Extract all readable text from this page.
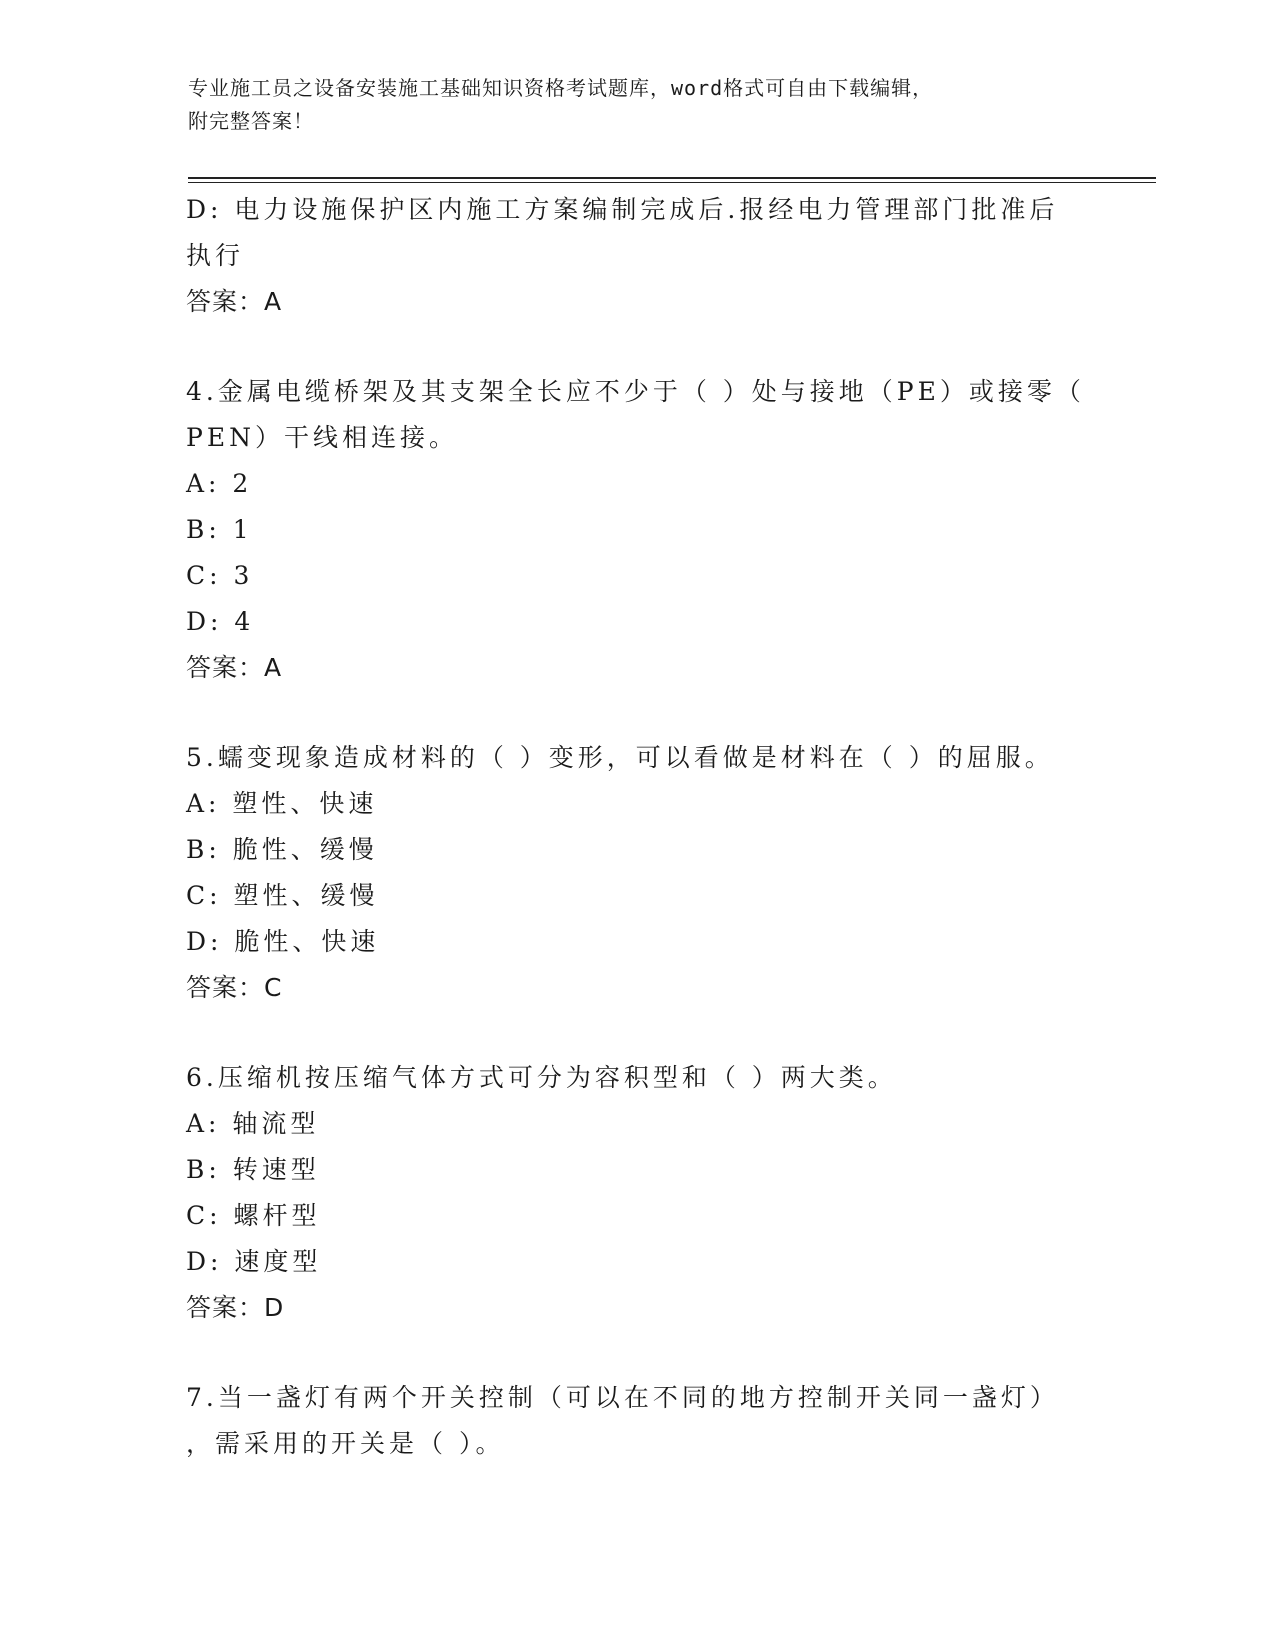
专业施工员之设备安装施工基础知识资格考试题库，word格式可自由下载编辑，
附完整答案！
D: 电力设施保护区内施工方案编制完成后.报经电力管理部门批准后
执行
答案：A
4.金属电缆桥架及其支架全长应不少于（ ）处与接地（PE）或接零（
PEN）干线相连接。
A: 2
B: 1
C: 3
D: 4
答案：A
5.蠕变现象造成材料的（ ）变形，可以看做是材料在（ ）的屈服。
A: 塑性、快速
B: 脆性、缓慢
C: 塑性、缓慢
D: 脆性、快速
答案：C
6.压缩机按压缩气体方式可分为容积型和（ ）两大类。
A: 轴流型
B: 转速型
C: 螺杆型
D: 速度型
答案：D
7.当一盏灯有两个开关控制（可以在不同的地方控制开关同一盏灯）
，需采用的开关是（ ）。
